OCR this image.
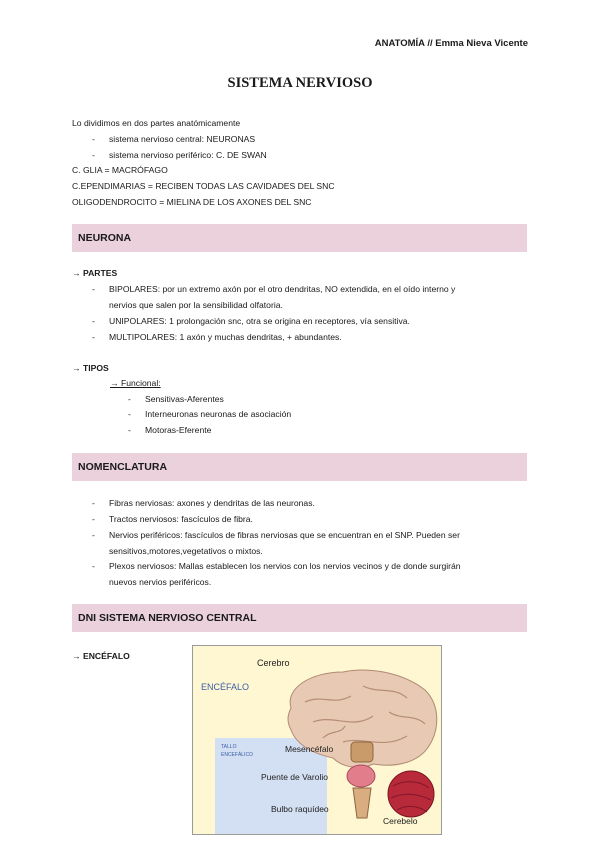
ANATOMÍA // Emma Nieva Vicente
SISTEMA NERVIOSO
Lo dividimos en dos partes anatómicamente
- sistema nervioso central: NEURONAS
- sistema nervioso periférico: C. DE SWAN
C. GLIA = MACRÓFAGO
C.EPENDIMARIAS = RECIBEN TODAS LAS CAVIDADES DEL SNC
OLIGODENDROCITO = MIELINA DE LOS AXONES DEL SNC
NEURONA
→ PARTES
- BIPOLARES: por un extremo axón por el otro dendritas, NO extendida, en el oído interno y
nervios que salen por la sensibilidad olfatoria.
- UNIPOLARES: 1 prolongación snc, otra se origina en receptores, vía sensitiva.
- MULTIPOLARES: 1 axón y muchas dendritas, + abundantes.
→ TIPOS
→ Funcional:
- Sensitivas-Aferentes
- Interneuronas neuronas de asociación
- Motoras-Eferente
NOMENCLATURA
- Fibras nerviosas: axones y dendritas de las neuronas.
- Tractos nerviosos: fascículos de fibra.
- Nervios periféricos: fascículos de fibras nerviosas que se encuentran en el SNP. Pueden ser
sensitivos,motores,vegetativos o mixtos.
- Plexos nerviosos: Mallas establecen los nervios con los nervios vecinos y de donde surgirán
nuevos nervios periféricos.
DNI SISTEMA NERVIOSO CENTRAL
→ ENCÉFALO
Cerebro
ENCÉFALO
TALLO
ENCEFÁLICO
Mesencéfalo
Puente de Varolio
Bulbo raquídeo
Cerebelo
